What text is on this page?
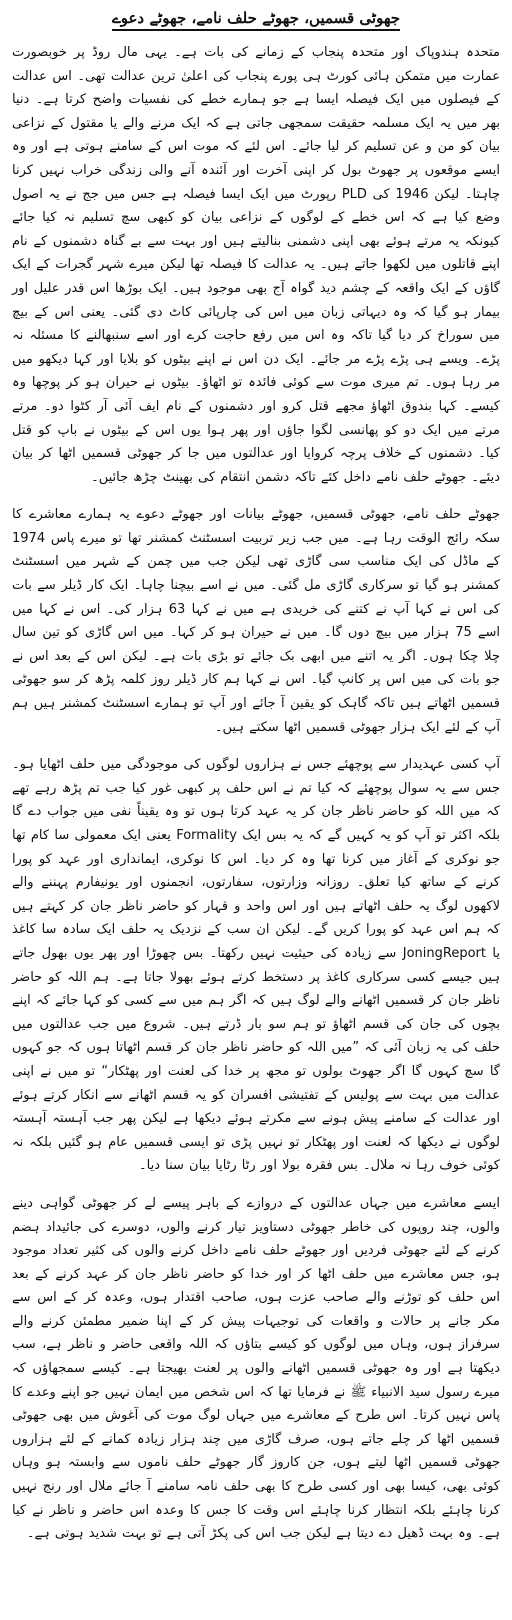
جھوٹی قسمیں، جھوٹے حلف نامے، جھوٹے دعوے

متحدہ ہندوپاک اور متحدہ پنجاب کے زمانے کی بات ہے۔ یہی مال روڈ پر خوبصورت عمارت میں متمکن ہائی کورٹ ہی پورے پنجاب کی اعلیٰ ترین عدالت تھی۔ اس عدالت کے فیصلوں میں ایک فیصلہ ایسا ہے جو ہمارے خطے کی نفسیات واضح کرتا ہے۔ دنیا بھر میں یہ ایک مسلمہ حقیقت سمجھی جاتی ہے کہ ایک مرنے والے یا مقتول کے نزاعی بیان کو من و عن تسلیم کر لیا جائے۔ اس لئے کہ موت اس کے سامنے ہوتی ہے اور وہ ایسے موقعوں پر جھوٹ بول کر اپنی آخرت اور آئندہ آنے والی زندگی خراب نہیں کرنا چاہتا۔ لیکن 1946 کی PLD رپورٹ میں ایک ایسا فیصلہ ہے جس میں جج نے یہ اصول وضع کیا ہے کہ اس خطے کے لوگوں کے نزاعی بیان کو کبھی سچ تسلیم نہ کیا جائے کیونکہ یہ مرتے ہوئے بھی اپنی دشمنی بنالیتے ہیں اور بہت سے بے گناہ دشمنوں کے نام اپنے قاتلوں میں لکھوا جاتے ہیں۔ یہ عدالت کا فیصلہ تھا لیکن میرے شہر گجرات کے ایک گاؤں کے ایک واقعہ کے چشم دید گواہ آج بھی موجود ہیں۔ ایک بوڑھا اس قدر علیل اور بیمار ہو گیا کہ وہ دیہاتی زبان میں اس کی چارپائی کاٹ دی گئی۔ یعنی اس کے بیچ میں سوراخ کر دیا گیا تاکہ وہ اس میں رفع حاجت کرے اور اسے سنبھالنے کا مسئلہ نہ پڑے۔ ویسے ہی پڑے پڑے مر جائے۔ ایک دن اس نے اپنے بیٹوں کو بلایا اور کہا دیکھو میں مر رہا ہوں۔ تم میری موت سے کوئی فائدہ تو اٹھاؤ۔ بیٹوں نے حیران ہو کر پوچھا وہ کیسے۔ کہا بندوق اٹھاؤ مجھے قتل کرو اور دشمنوں کے نام ایف آئی آر کٹوا دو۔ مرتے مرتے میں ایک دو کو پھانسی لگوا جاؤں اور پھر ہوا یوں اس کے بیٹوں نے باپ کو قتل کیا۔ دشمنوں کے خلاف پرچہ کروایا اور عدالتوں میں جا کر جھوٹی قسمیں اٹھا کر بیان دیئے۔ جھوٹے حلف نامے داخل کئے تاکہ دشمن انتقام کی بھینٹ چڑھ جائیں۔

جھوٹے حلف نامے، جھوٹی قسمیں، جھوٹے بیانات اور جھوٹے دعوے یہ ہمارے معاشرے کا سکہ رائج الوقت رہا ہے۔ میں جب زیر تربیت اسسٹنٹ کمشنر تھا تو میرے پاس 1974 کے ماڈل کی ایک مناسب سی گاڑی تھی لیکن جب میں چمن کے شہر میں اسسٹنٹ کمشنر ہو گیا تو سرکاری گاڑی مل گئی۔ میں نے اسے بیچنا چاہا۔ ایک کار ڈیلر سے بات کی اس نے کہا آپ نے کتنے کی خریدی ہے میں نے کہا 63 ہزار کی۔ اس نے کہا میں اسے 75 ہزار میں بیچ دوں گا۔ میں نے حیران ہو کر کہا۔ میں اس گاڑی کو تین سال چلا چکا ہوں۔ اگر یہ اتنے میں ابھی بک جائے تو بڑی بات ہے۔ لیکن اس کے بعد اس نے جو بات کی میں اس پر کانپ گیا۔ اس نے کہا ہم کار ڈیلر روز کلمہ پڑھ کر سو جھوٹی قسمیں اٹھاتے ہیں تاکہ گاہک کو یقین آ جائے اور آپ تو ہمارے اسسٹنٹ کمشنر ہیں ہم آپ کے لئے ایک ہزار جھوٹی قسمیں اٹھا سکتے ہیں۔

آپ کسی عہدیدار سے پوچھئے جس نے ہزاروں لوگوں کی موجودگی میں حلف اٹھایا ہو۔ جس سے یہ سوال پوچھئے کہ کیا تم نے اس حلف پر کبھی غور کیا جب تم پڑھ رہے تھے کہ میں اللہ کو حاضر ناظر جان کر یہ عہد کرتا ہوں تو وہ یقیناً نفی میں جواب دے گا بلکہ اکثر تو آپ کو یہ کہیں گے کہ یہ بس ایک Formality یعنی ایک معمولی سا کام تھا جو نوکری کے آغاز میں کرنا تھا وہ کر دیا۔ اس کا نوکری، ایمانداری اور عہد کو پورا کرنے کے ساتھ کیا تعلق۔ روزانہ وزارتوں، سفارتوں، انجمنوں اور یونیفارم پہننے والے لاکھوں لوگ یہ حلف اٹھاتے ہیں اور اس واحد و قہار کو حاضر ناظر جان کر کہتے ہیں کہ ہم اس عہد کو پورا کریں گے۔ لیکن ان سب کے نزدیک یہ حلف ایک سادہ سا کاغذ یا JoningReport سے زیادہ کی حیثیت نہیں رکھتا۔ بس چھوڑا اور پھر یوں بھول جاتے ہیں جیسے کسی سرکاری کاغذ پر دستخط کرتے ہوئے بھولا جاتا ہے۔ ہم اللہ کو حاضر ناظر جان کر قسمیں اٹھانے والے لوگ ہیں کہ اگر ہم میں سے کسی کو کہا جائے کہ اپنے بچوں کی جان کی قسم اٹھاؤ تو ہم سو بار ڈرتے ہیں۔ شروع میں جب عدالتوں میں حلف کی یہ زبان آئی کہ ”میں اللہ کو حاضر ناظر جان کر قسم اٹھاتا ہوں کہ جو کہوں گا سچ کہوں گا اگر جھوٹ بولوں تو مجھ پر خدا کی لعنت اور پھٹکار“ تو میں نے اپنی عدالت میں بہت سے پولیس کے تفتیشی افسران کو یہ قسم اٹھانے سے انکار کرتے ہوئے اور عدالت کے سامنے پیش ہونے سے مکرتے ہوئے دیکھا ہے لیکن پھر جب آہستہ آہستہ لوگوں نے دیکھا کہ لعنت اور پھٹکار تو نہیں پڑی تو ایسی قسمیں عام ہو گئیں بلکہ نہ کوئی خوف رہا نہ ملال۔ بس فقرہ بولا اور رٹا رٹایا بیان سنا دیا۔

ایسے معاشرے میں جہاں عدالتوں کے دروازے کے باہر پیسے لے کر جھوٹی گواہی دینے والوں، چند روپوں کی خاطر جھوٹی دستاویز تیار کرنے والوں، دوسرے کی جائیداد ہضم کرنے کے لئے جھوٹی فردیں اور جھوٹے حلف نامے داخل کرنے والوں کی کثیر تعداد موجود ہو، جس معاشرے میں حلف اٹھا کر اور خدا کو حاضر ناظر جان کر عہد کرنے کے بعد اس حلف کو توڑنے والے صاحب عزت ہوں، صاحب اقتدار ہوں، وعدہ کر کے اس سے مکر جانے پر حالات و واقعات کی توجیہات پیش کر کے اپنا ضمیر مطمئن کرنے والے سرفراز ہوں، وہاں میں لوگوں کو کیسے بتاؤں کہ اللہ واقعی حاضر و ناظر ہے، سب دیکھتا ہے اور وہ جھوٹی قسمیں اٹھانے والوں پر لعنت بھیجتا ہے۔ کیسے سمجھاؤں کہ میرے رسول سید الانبیاء ﷺ نے فرمایا تھا کہ اس شخص میں ایمان نہیں جو اپنے وعدے کا پاس نہیں کرتا۔ اس طرح کے معاشرے میں جہاں لوگ موت کی آغوش میں بھی جھوٹی قسمیں اٹھا کر چلے جاتے ہوں، صرف گاڑی میں چند ہزار زیادہ کمانے کے لئے ہزاروں جھوٹی قسمیں اٹھا لیتے ہوں، جن کاروز گار جھوٹے حلف ناموں سے وابستہ ہو وہاں کوئی بھی، کیسا بھی اور کسی طرح کا بھی حلف نامہ سامنے آ جائے ملال اور رنج نہیں کرنا چاہئے بلکہ انتظار کرنا چاہئے اس وقت کا جس کا وعدہ اس حاضر و ناظر نے کیا ہے۔ وہ بہت ڈھیل دے دیتا ہے لیکن جب اس کی پکڑ آتی ہے تو بہت شدید ہوتی ہے۔
